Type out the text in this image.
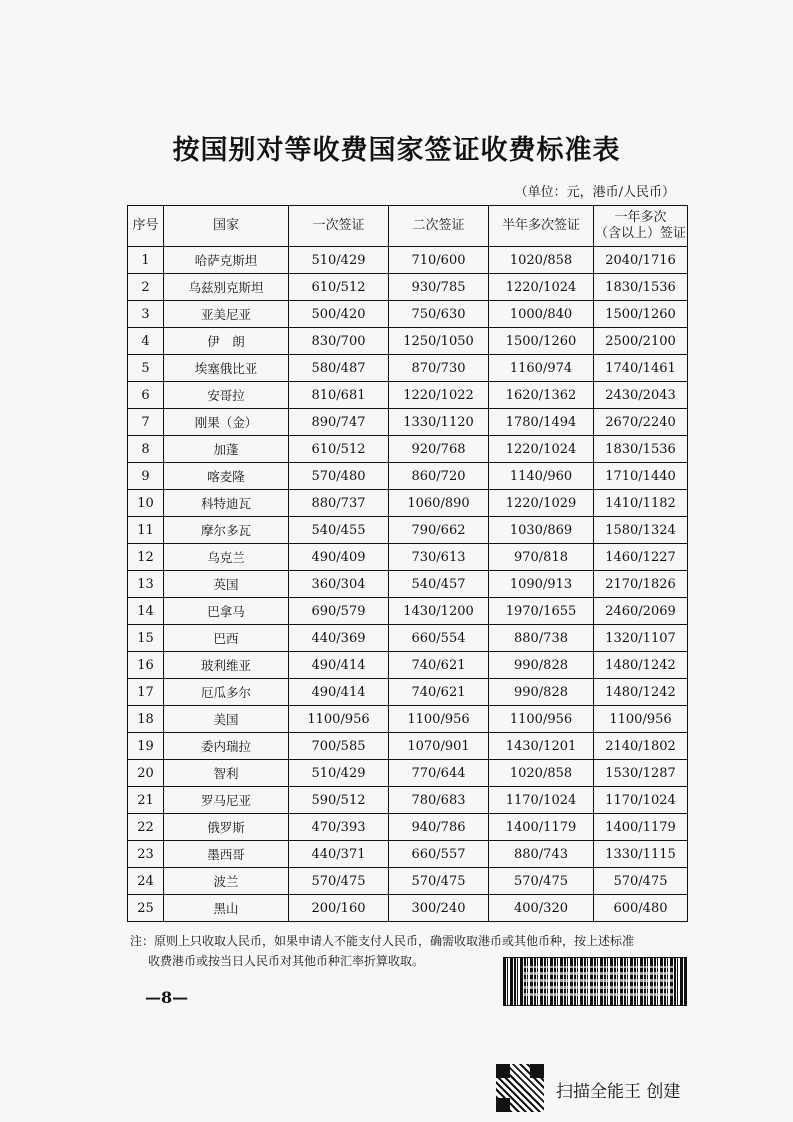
按国别对等收费国家签证收费标准表
（单位：元，港币/人民币）
序号	国家	一次签证	二次签证	半年多次签证	一年多次
（含以上）签证
1	哈萨克斯坦	510/429	710/600	1020/858	2040/1716
2	乌兹别克斯坦	610/512	930/785	1220/1024	1830/1536
3	亚美尼亚	500/420	750/630	1000/840	1500/1260
4	伊　朗	830/700	1250/1050	1500/1260	2500/2100
5	埃塞俄比亚	580/487	870/730	1160/974	1740/1461
6	安哥拉	810/681	1220/1022	1620/1362	2430/2043
7	刚果（金）	890/747	1330/1120	1780/1494	2670/2240
8	加蓬	610/512	920/768	1220/1024	1830/1536
9	喀麦隆	570/480	860/720	1140/960	1710/1440
10	科特迪瓦	880/737	1060/890	1220/1029	1410/1182
11	摩尔多瓦	540/455	790/662	1030/869	1580/1324
12	乌克兰	490/409	730/613	970/818	1460/1227
13	英国	360/304	540/457	1090/913	2170/1826
14	巴拿马	690/579	1430/1200	1970/1655	2460/2069
15	巴西	440/369	660/554	880/738	1320/1107
16	玻利维亚	490/414	740/621	990/828	1480/1242
17	厄瓜多尔	490/414	740/621	990/828	1480/1242
18	美国	1100/956	1100/956	1100/956	1100/956
19	委内瑞拉	700/585	1070/901	1430/1201	2140/1802
20	智利	510/429	770/644	1020/858	1530/1287
21	罗马尼亚	590/512	780/683	1170/1024	1170/1024
22	俄罗斯	470/393	940/786	1400/1179	1400/1179
23	墨西哥	440/371	660/557	880/743	1330/1115
24	波兰	570/475	570/475	570/475	570/475
25	黑山	200/160	300/240	400/320	600/480
注：原则上只收取人民币，如果申请人不能支付人民币，确需收取港币或其他币种，按上述标准
收费港币或按当日人民币对其他币种汇率折算收取。
—8—
扫描全能王 创建
